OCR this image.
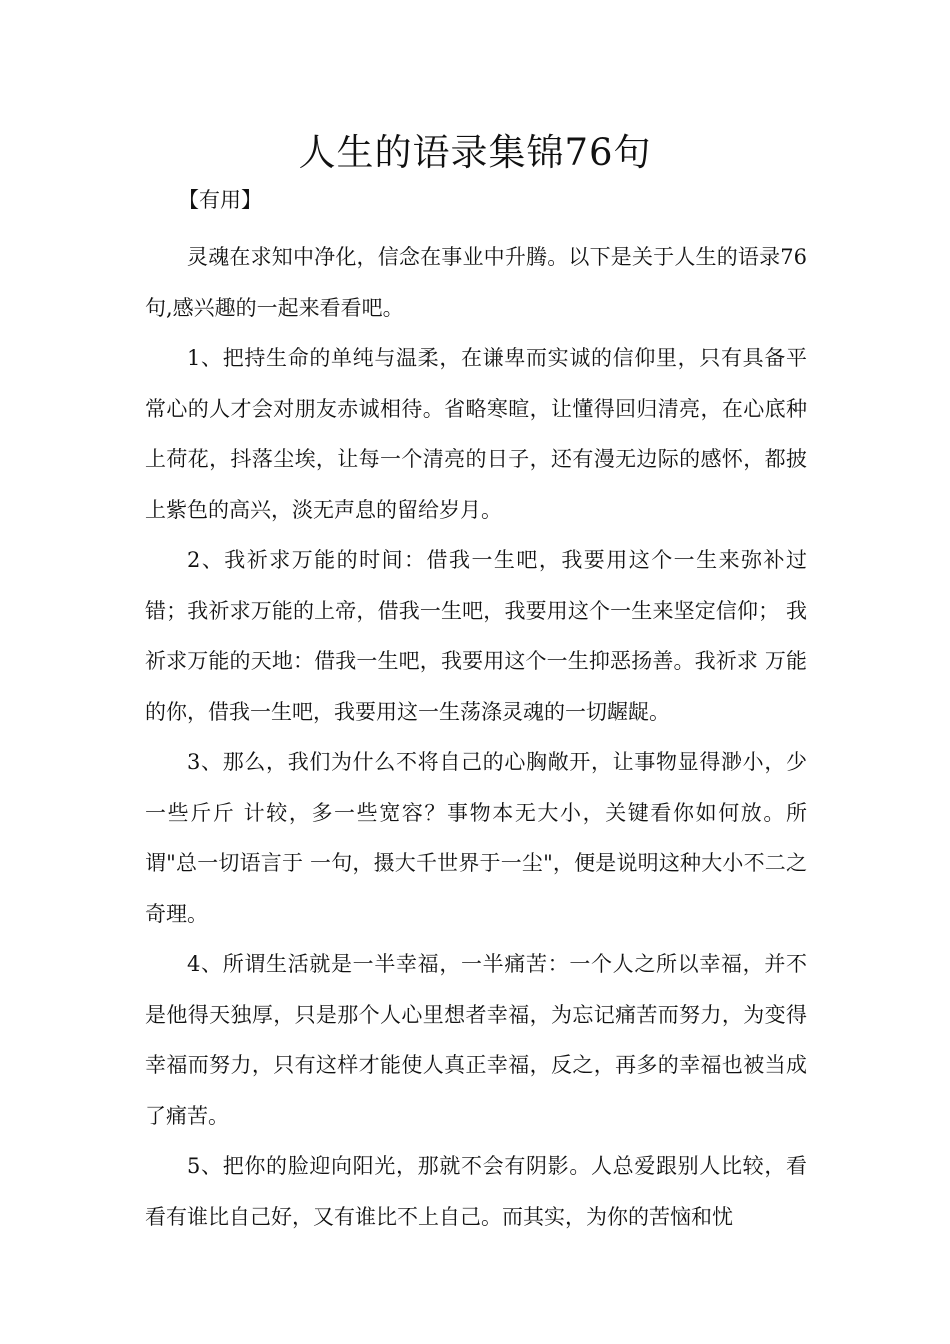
人生的语录集锦76句
【有用】

灵魂在求知中净化，信念在事业中升腾。以下是关于人生的语录76句,感兴趣的一起来看看吧。

1、把持生命的单纯与温柔，在谦卑而实诚的信仰里，只有具备平常心的人才会对朋友赤诚相待。省略寒暄，让懂得回归清亮，在心底种上荷花，抖落尘埃，让每一个清亮的日子，还有漫无边际的感怀，都披上紫色的高兴，淡无声息的留给岁月。

2、我祈求万能的时间：借我一生吧，我要用这个一生来弥补过错；我祈求万能的上帝，借我一生吧，我要用这个一生来坚定信仰； 我祈求万能的天地：借我一生吧，我要用这个一生抑恶扬善。我祈求 万能的你，借我一生吧，我要用这一生荡涤灵魂的一切龌龊。

3、那么，我们为什么不将自己的心胸敞开，让事物显得渺小，少一些斤斤 计较，多一些宽容？事物本无大小，关键看你如何放。所谓"总一切语言于 一句，摄大千世界于一尘"，便是说明这种大小不二之奇理。

4、所谓生活就是一半幸福，一半痛苦：一个人之所以幸福，并不是他得天独厚，只是那个人心里想者幸福，为忘记痛苦而努力，为变得幸福而努力，只有这样才能使人真正幸福，反之，再多的幸福也被当成了痛苦。

5、把你的脸迎向阳光，那就不会有阴影。人总爱跟别人比较，看看有谁比自己好，又有谁比不上自己。而其实，为你的苦恼和忧
